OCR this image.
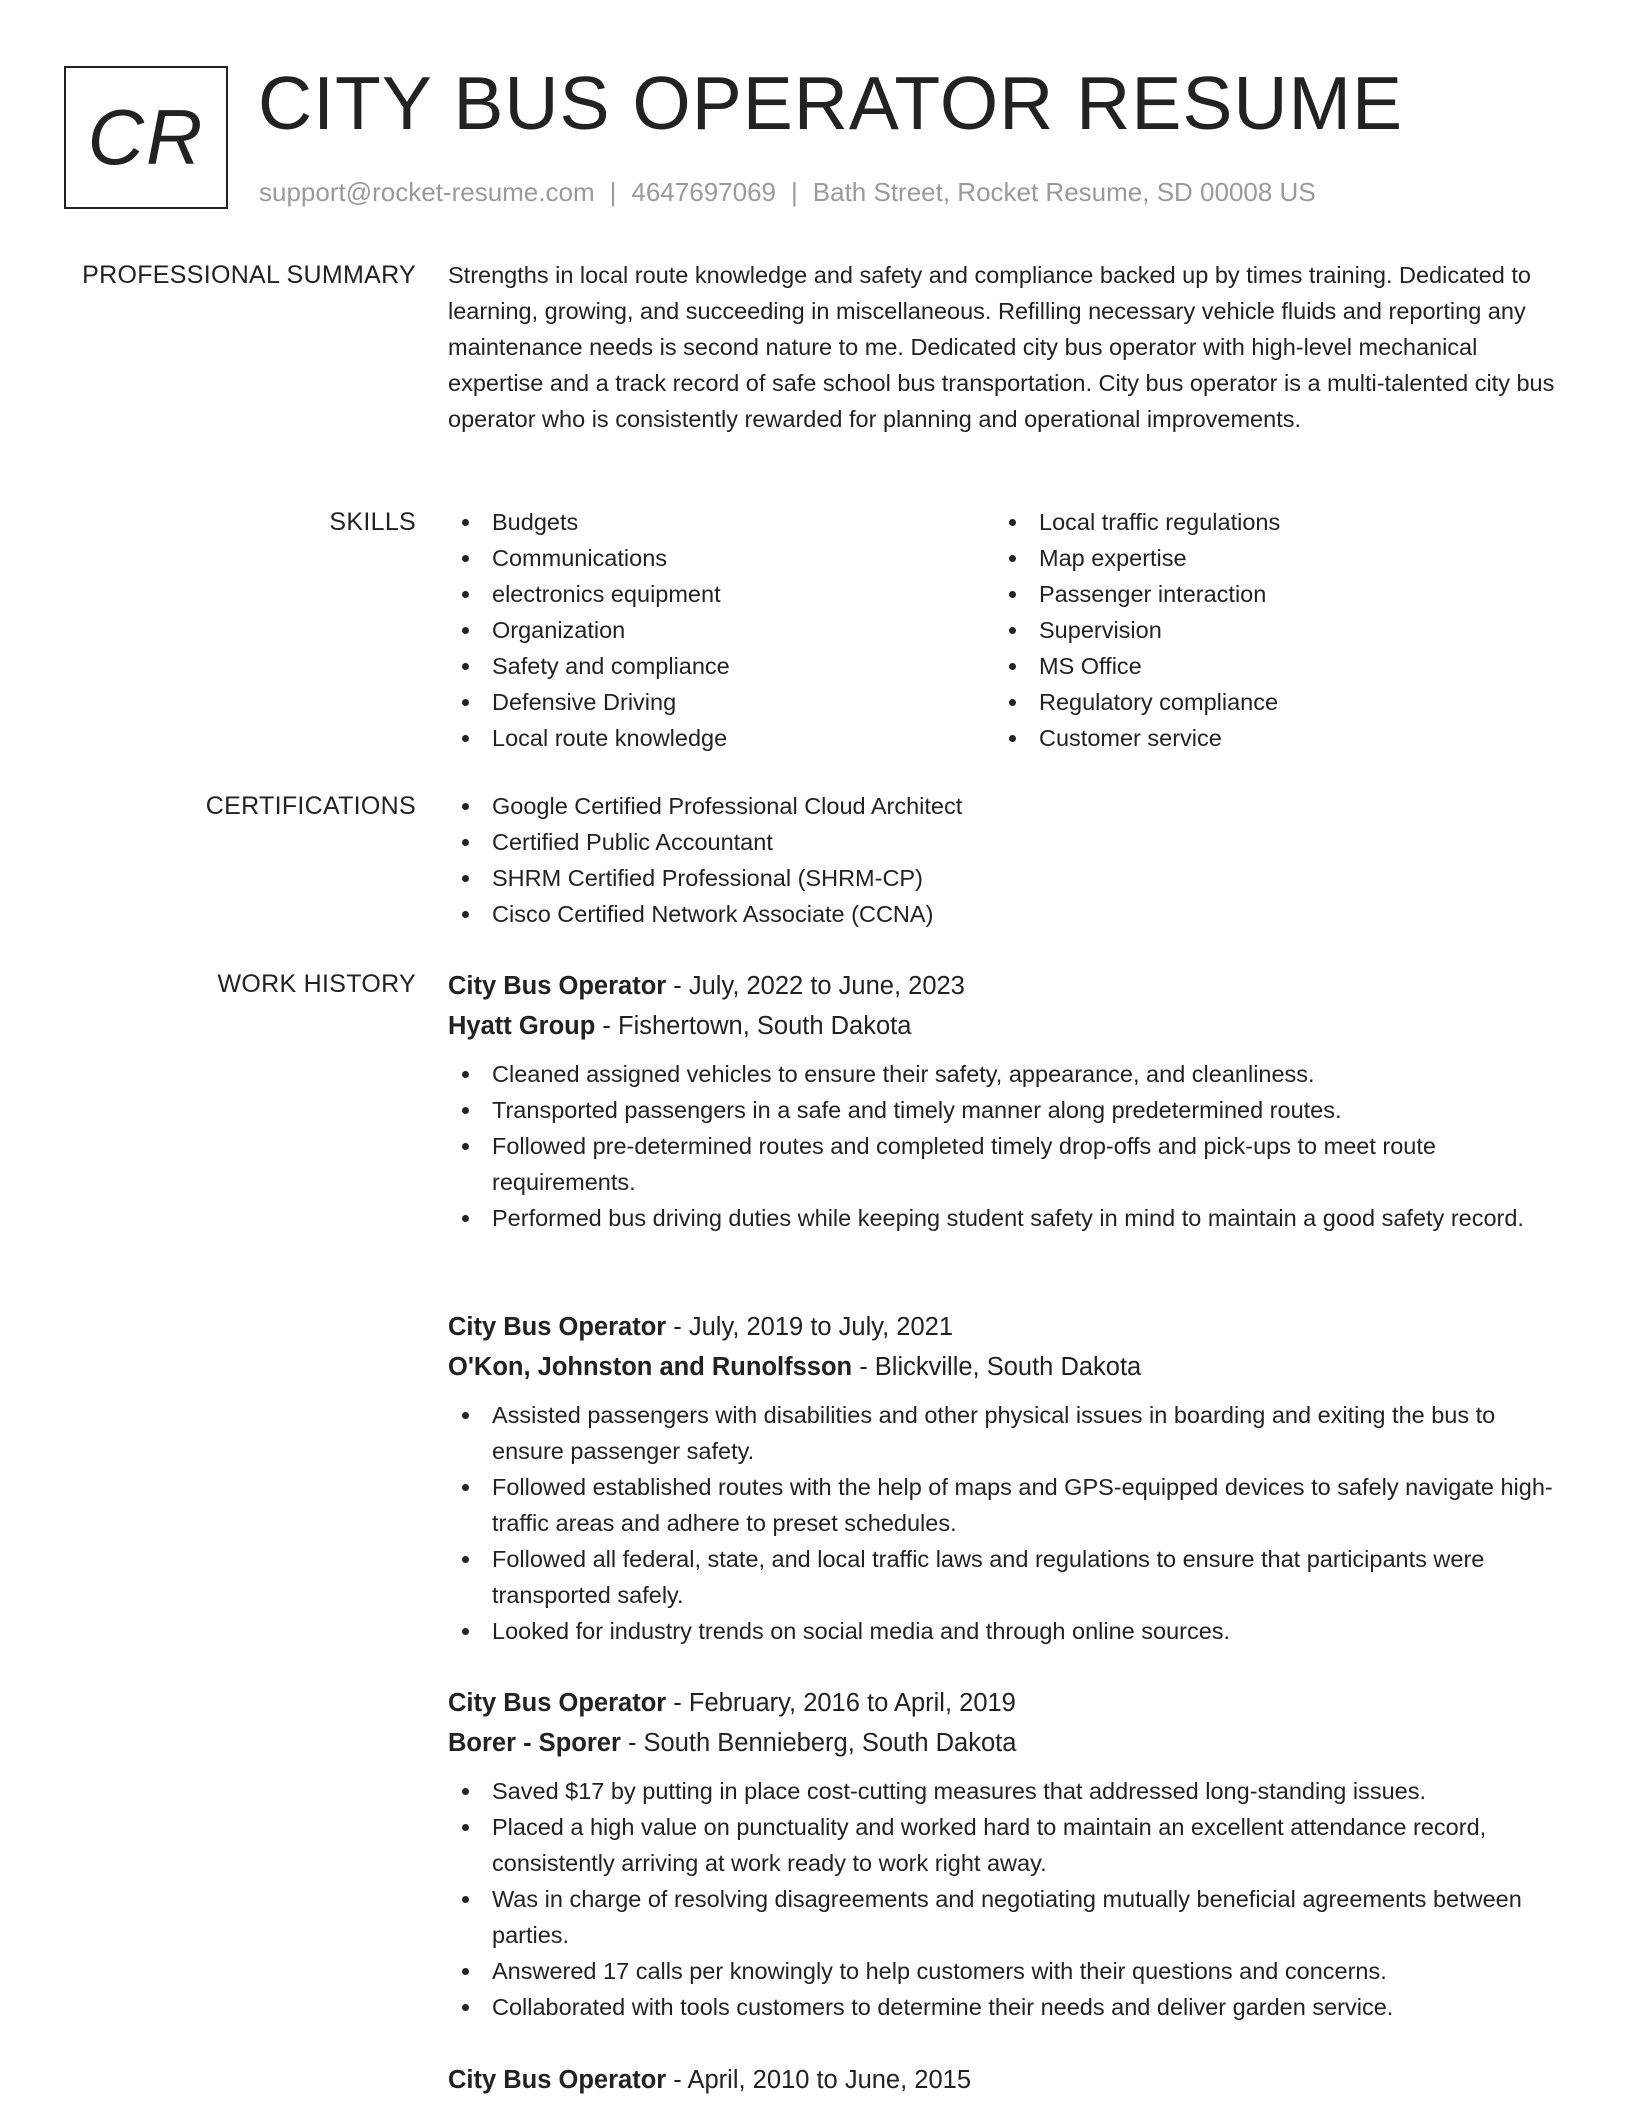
CR CITY BUS OPERATOR RESUME
support@rocket-resume.com | 4647697069 | Bath Street, Rocket Resume, SD 00008 US
PROFESSIONAL SUMMARY Strengths in local route knowledge and safety and compliance backed up by times training. Dedicated to learning, growing, and succeeding in miscellaneous. Refilling necessary vehicle fluids and reporting any maintenance needs is second nature to me. Dedicated city bus operator with high-level mechanical expertise and a track record of safe school bus transportation. City bus operator is a multi-talented city bus operator who is consistently rewarded for planning and operational improvements.
SKILLS	Budgets
Communications
electronics equipment
Organization
Safety and compliance
Defensive Driving
Local route knowledge
Local traffic regulations
Map expertise
Passenger interaction
Supervision
MS Office
Regulatory compliance
Customer service
CERTIFICATIONS	Google Certified Professional Cloud Architect
Certified Public Accountant
SHRM Certified Professional (SHRM-CP)
Cisco Certified Network Associate (CCNA)
WORK HISTORY City Bus Operator - July, 2022 to June, 2023
Hyatt Group - Fishertown, South Dakota
Cleaned assigned vehicles to ensure their safety, appearance, and cleanliness.
Transported passengers in a safe and timely manner along predetermined routes.
Followed pre-determined routes and completed timely drop-offs and pick-ups to meet route requirements.
Performed bus driving duties while keeping student safety in mind to maintain a good safety record.
City Bus Operator - July, 2019 to July, 2021
O'Kon, Johnston and Runolfsson - Blickville, South Dakota
Assisted passengers with disabilities and other physical issues in boarding and exiting the bus to ensure passenger safety.
Followed established routes with the help of maps and GPS-equipped devices to safely navigate high-traffic areas and adhere to preset schedules.
Followed all federal, state, and local traffic laws and regulations to ensure that participants were transported safely.
Looked for industry trends on social media and through online sources.
City Bus Operator - February, 2016 to April, 2019
Borer - Sporer - South Bennieberg, South Dakota
Saved $17 by putting in place cost-cutting measures that addressed long-standing issues.
Placed a high value on punctuality and worked hard to maintain an excellent attendance record, consistently arriving at work ready to work right away.
Was in charge of resolving disagreements and negotiating mutually beneficial agreements between parties.
Answered 17 calls per knowingly to help customers with their questions and concerns.
Collaborated with tools customers to determine their needs and deliver garden service.
City Bus Operator - April, 2010 to June, 2015
